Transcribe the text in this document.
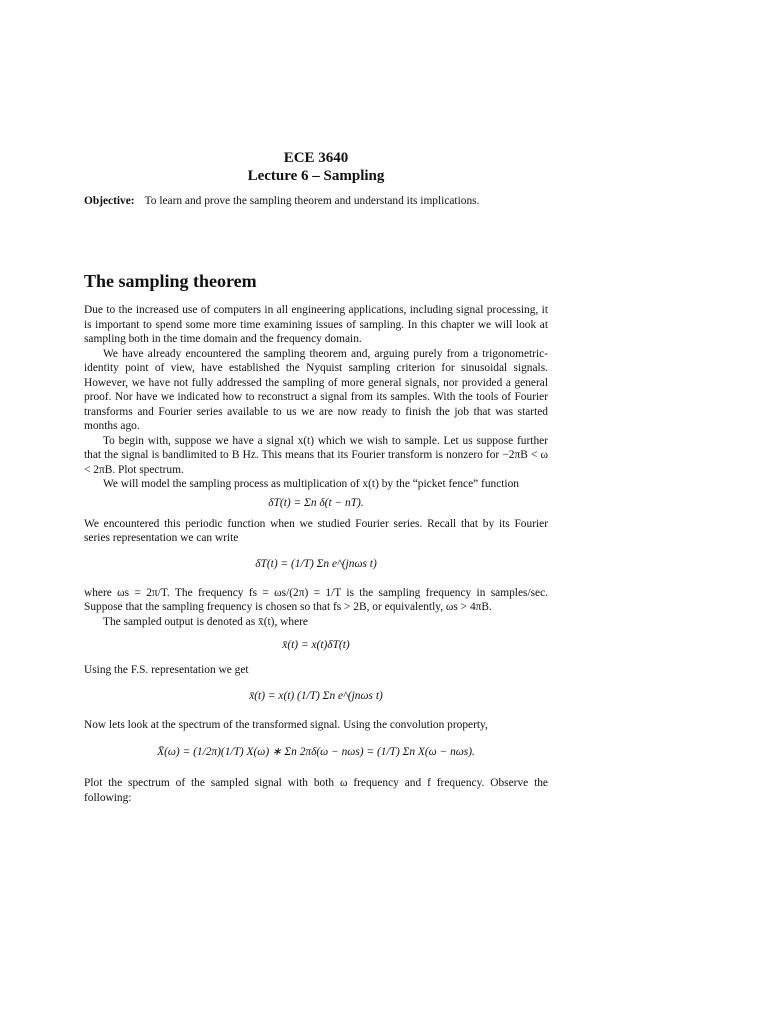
ECE 3640
Lecture 6 – Sampling
Objective: To learn and prove the sampling theorem and understand its implications.
The sampling theorem

Due to the increased use of computers in all engineering applications, including signal processing, it is important to spend some more time examining issues of sampling. In this chapter we will look at sampling both in the time domain and the frequency domain.

We have already encountered the sampling theorem and, arguing purely from a trigonometric-identity point of view, have established the Nyquist sampling criterion for sinusoidal signals. However, we have not fully addressed the sampling of more general signals, nor provided a general proof. Nor have we indicated how to reconstruct a signal from its samples. With the tools of Fourier transforms and Fourier series available to us we are now ready to finish the job that was started months ago.

To begin with, suppose we have a signal x(t) which we wish to sample. Let us suppose further that the signal is bandlimited to B Hz. This means that its Fourier transform is nonzero for −2πB < ω < 2πB. Plot spectrum.

We will model the sampling process as multiplication of x(t) by the “picket fence” function

δT(t) = Σn δ(t − nT).

We encountered this periodic function when we studied Fourier series. Recall that by its Fourier series representation we can write

δT(t) = (1/T) Σn e^(jnωs t)

where ωs = 2π/T. The frequency fs = ωs/(2π) = 1/T is the sampling frequency in samples/sec. Suppose that the sampling frequency is chosen so that fs > 2B, or equivalently, ωs > 4πB.

The sampled output is denoted as x̄(t), where

x̄(t) = x(t)δT(t)

Using the F.S. representation we get

x̄(t) = x(t) (1/T) Σn e^(jnωs t)

Now lets look at the spectrum of the transformed signal. Using the convolution property,

X̄(ω) = (1/2π)(1/T) X(ω) ∗ Σn 2πδ(ω − nωs) = (1/T) Σn X(ω − nωs).

Plot the spectrum of the sampled signal with both ω frequency and f frequency. Observe the following:
